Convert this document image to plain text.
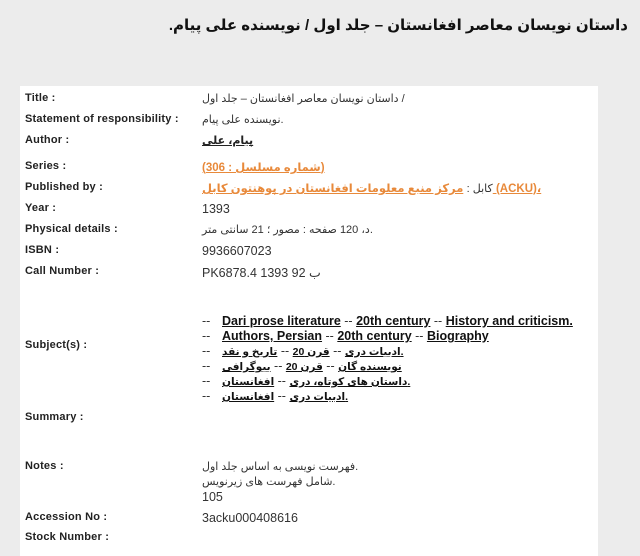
داستان نویسان معاصر افغانستان – جلد اول / نویسنده علی پیام.
Title :	داستان نویسان معاصر افغانستان – جلد اول /
Statement of responsibility : نویسنده علی پیام.
Author :	پیام، علی
Series :	(شماره مسلسل : 306)
Published by :	کابل : مرکز منبع معلومات افغانستان در پوهنتون کابل (ACKU)،
Year :	1393
Physical details :	د، 120 صفحه : مصور ؛ 21 سانتی متر.
ISBN :	9936607023
Call Number :	PK6878.4 1393 92 ب
Subject(s) :
-- Dari prose literature -- 20th century -- History and criticism.
-- Authors, Persian -- 20th century -- Biography
--	ادبیات دری -- قرن 20 -- تاریخ و نقد.
--	نویسنده گان -- قرن 20 -- بیوگرافی
--	داستان های کوتاه، دری -- افغانستان.
--	ادبیات دری -- افغانستان.
Summary :
Notes :	فهرست نویسی به اساس جلد اول.
شامل فهرست های زیرنویس.
105
Accession No :	3acku000408616
Stock Number :
